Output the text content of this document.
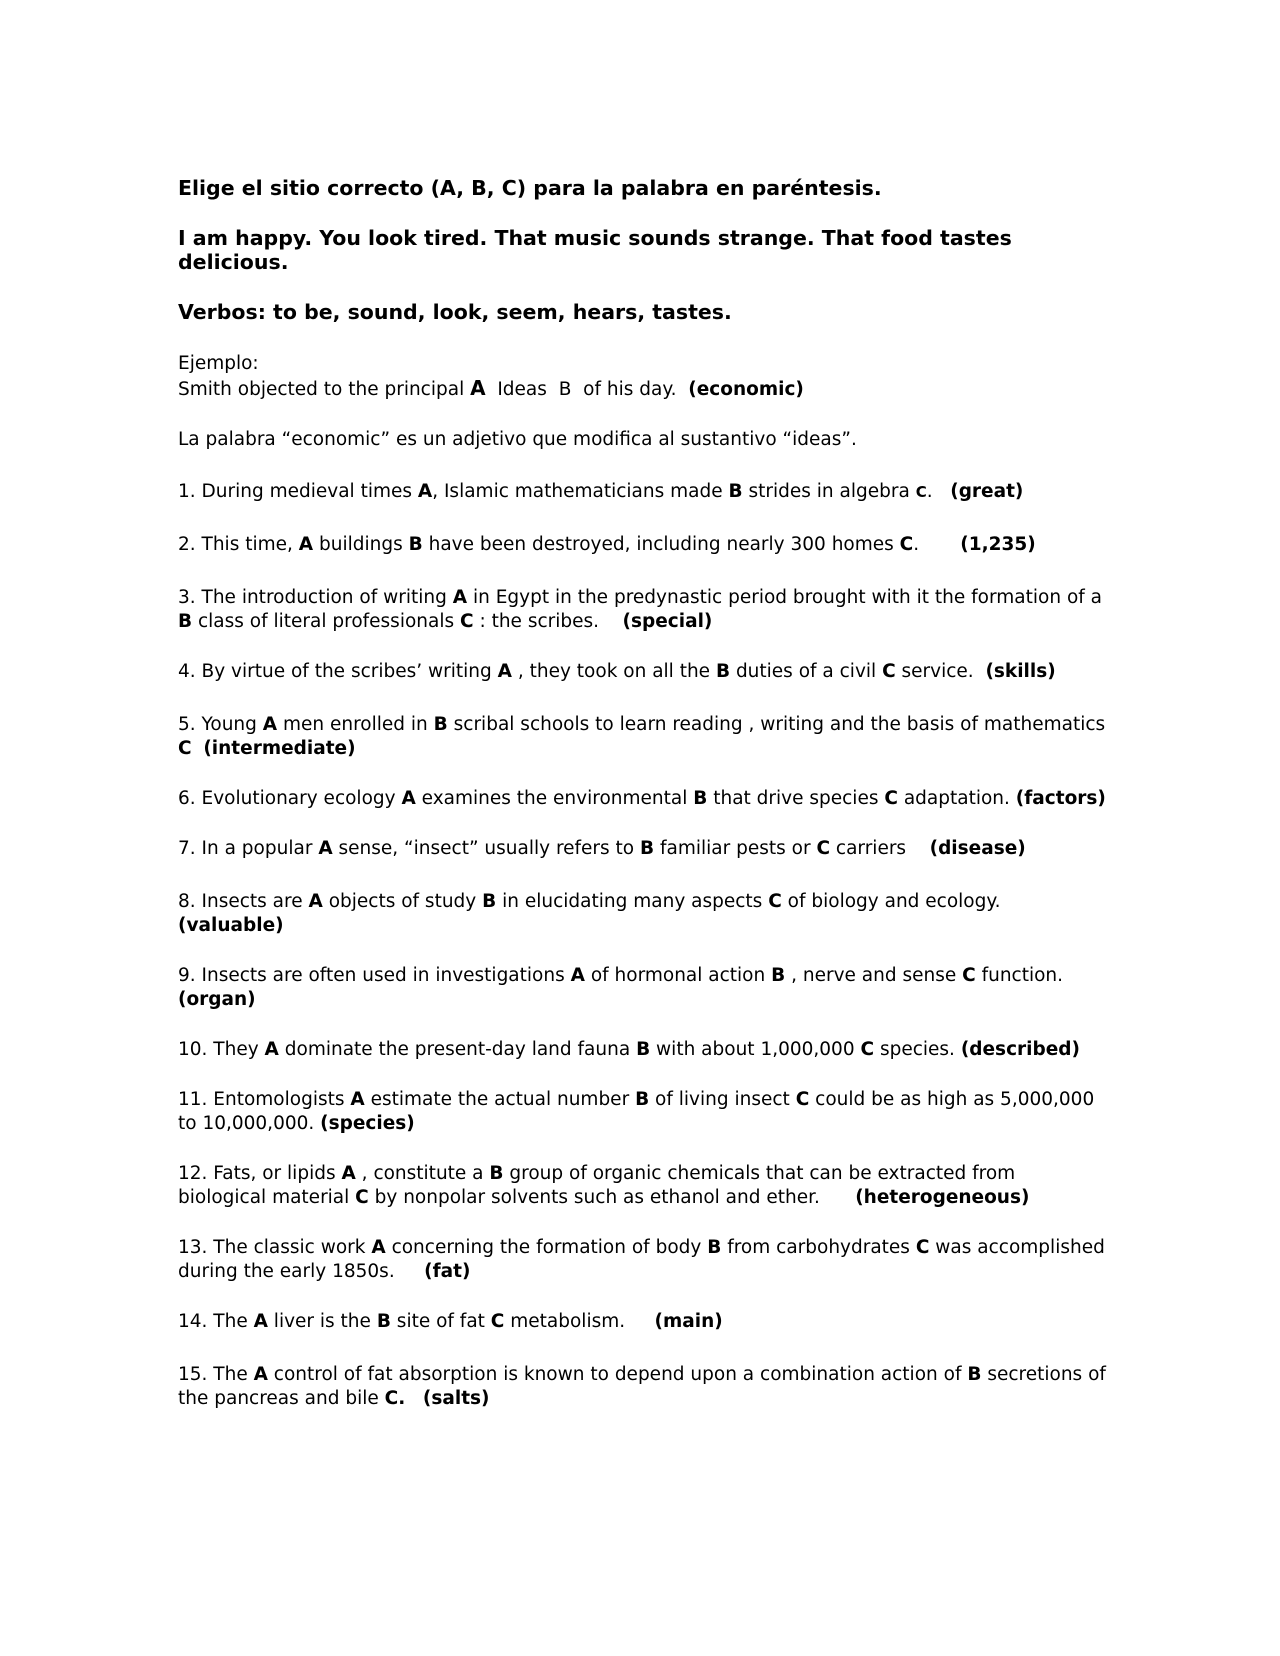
Elige el sitio correcto (A, B, C) para la palabra en paréntesis.

I am happy. You look tired. That music sounds strange. That food tastes delicious.

Verbos: to be, sound, look, seem, hears, tastes.

Ejemplo:

Smith objected to the principal A  Ideas  B  of his day.  (economic)

La palabra “economic” es un adjetivo que modifica al sustantivo “ideas”.

1. During medieval times A, Islamic mathematicians made B strides in algebra C.   (great)

2. This time, A buildings B have been destroyed, including nearly 300 homes C.       (1,235)

3. The introduction of writing A in Egypt in the predynastic period brought with it the formation of a B class of literal professionals C : the scribes.    (special)

4. By virtue of the scribes’ writing A , they took on all the B duties of a civil C service.  (skills)

5. Young A men enrolled in B scribal schools to learn reading , writing and the basis of mathematics C (intermediate)

6. Evolutionary ecology A examines the environmental B that drive species C adaptation. (factors)

7. In a popular A sense, “insect” usually refers to B familiar pests or C carriers    (disease)

8. Insects are A objects of study B in elucidating many aspects C of biology and ecology. (valuable)

9. Insects are often used in investigations A of hormonal action B , nerve and sense C function. (organ)

10. They A dominate the present-day land fauna B with about 1,000,000 C species. (described)

11. Entomologists A estimate the actual number B of living insect C could be as high as 5,000,000 to 10,000,000. (species)

12. Fats, or lipids A , constitute a B group of organic chemicals that can be extracted from biological material C by nonpolar solvents such as ethanol and ether.      (heterogeneous)

13. The classic work A concerning the formation of body B from carbohydrates C was accomplished during the early 1850s.     (fat)

14. The A liver is the B site of fat C metabolism.     (main)

15. The A control of fat absorption is known to depend upon a combination action of B secretions of the pancreas and bile C. (salts)
